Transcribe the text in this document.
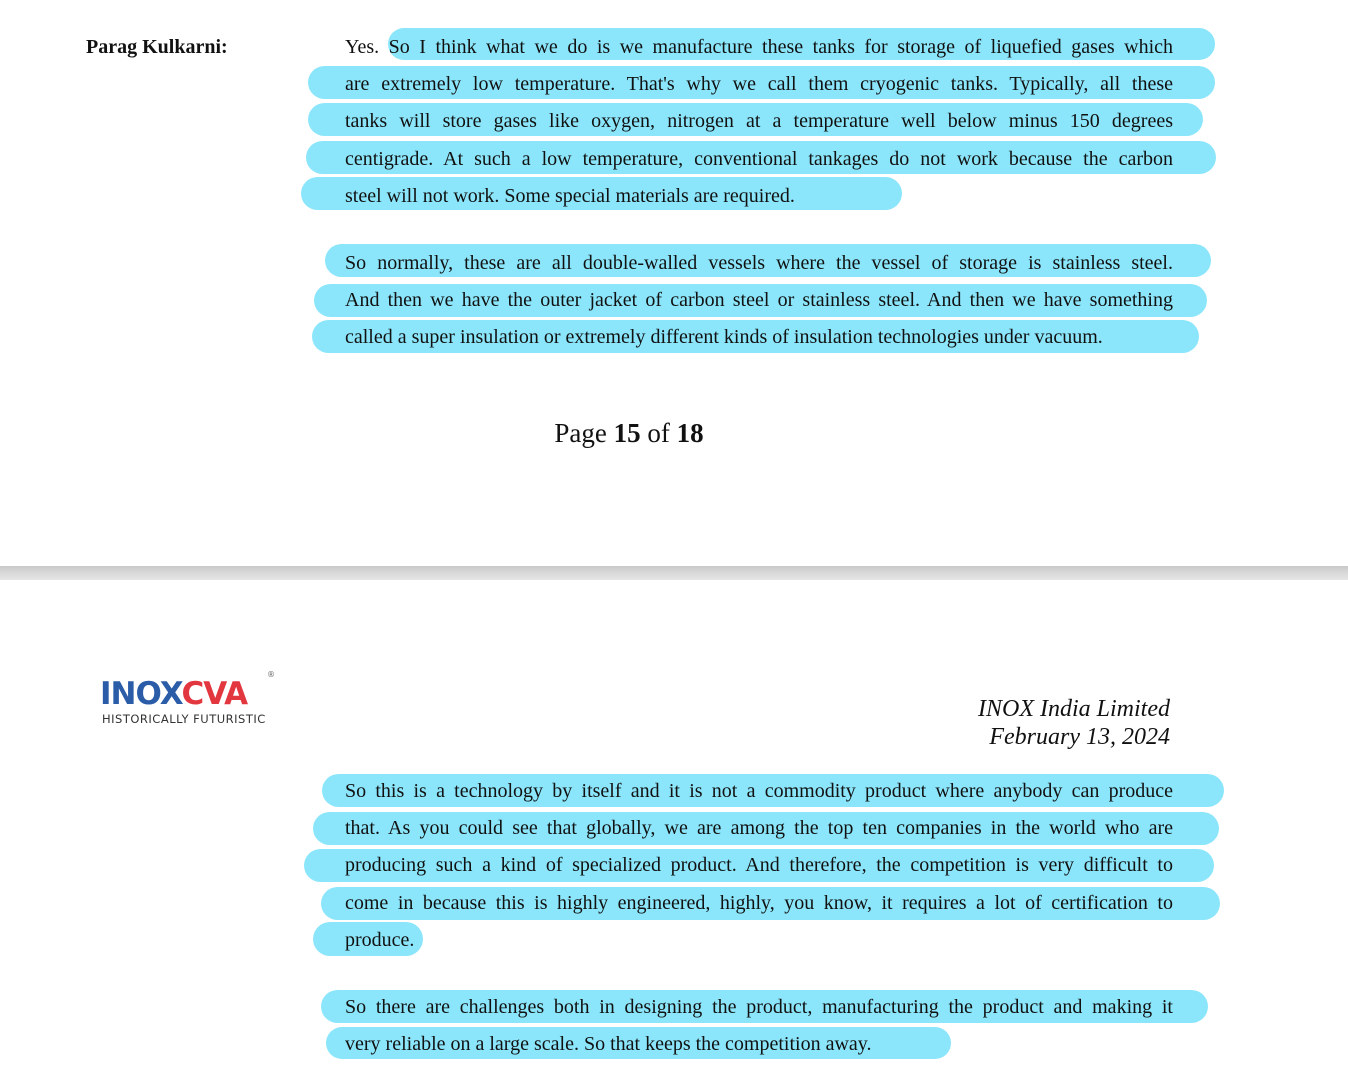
Parag Kulkarni:	Yes. So I think what we do is we manufacture these tanks for storage of liquefied gases which
are extremely low temperature. That's why we call them cryogenic tanks. Typically, all these
tanks will store gases like oxygen, nitrogen at a temperature well below minus 150 degrees
centigrade. At such a low temperature, conventional tankages do not work because the carbon
steel will not work. Some special materials are required.
So normally, these are all double-walled vessels where the vessel of storage is stainless steel.
And then we have the outer jacket of carbon steel or stainless steel. And then we have something
called a super insulation or extremely different kinds of insulation technologies under vacuum.
Page 15 of 18
INOXCVA
®
HISTORICALLY FUTURISTIC	INOX India Limited
February 13, 2024
So this is a technology by itself and it is not a commodity product where anybody can produce
that. As you could see that globally, we are among the top ten companies in the world who are
producing such a kind of specialized product. And therefore, the competition is very difficult to
come in because this is highly engineered, highly, you know, it requires a lot of certification to
produce.
So there are challenges both in designing the product, manufacturing the product and making it
very reliable on a large scale. So that keeps the competition away.
